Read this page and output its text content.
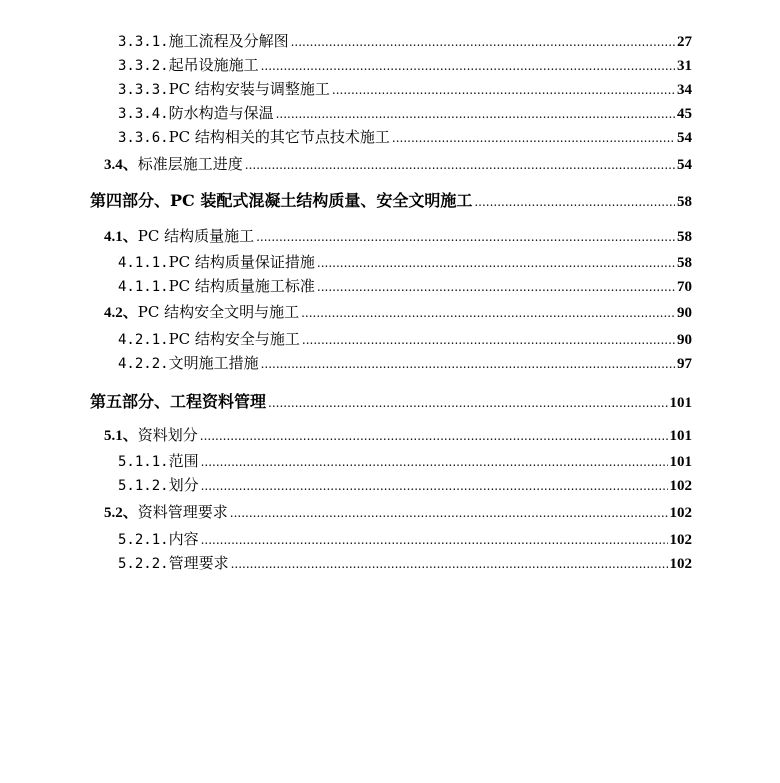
3.3.1.施工流程及分解图 .....	27
3.3.2.起吊设施施工 .....	31
3.3.3.PC 结构安装与调整施工 .....	34
3.3.4.防水构造与保温 .....	45
3.3.6.PC 结构相关的其它节点技术施工 .....	54
3.4、标准层施工进度 .....	54
第四部分、PC 装配式混凝土结构质量、安全文明施工 .....	58
4.1、PC 结构质量施工 .....	58
4.1.1.PC 结构质量保证措施 .....	58
4.1.1.PC 结构质量施工标准 .....	70
4.2、PC 结构安全文明与施工 .....	90
4.2.1.PC 结构安全与施工 .....	90
4.2.2.文明施工措施 .....	97
第五部分、工程资料管理 .....	101
5.1、资料划分 .....	101
5.1.1.范围 .....	101
5.1.2.划分 .....	102
5.2、资料管理要求 .....	102
5.2.1.内容 .....	102
5.2.2.管理要求 .....	102
